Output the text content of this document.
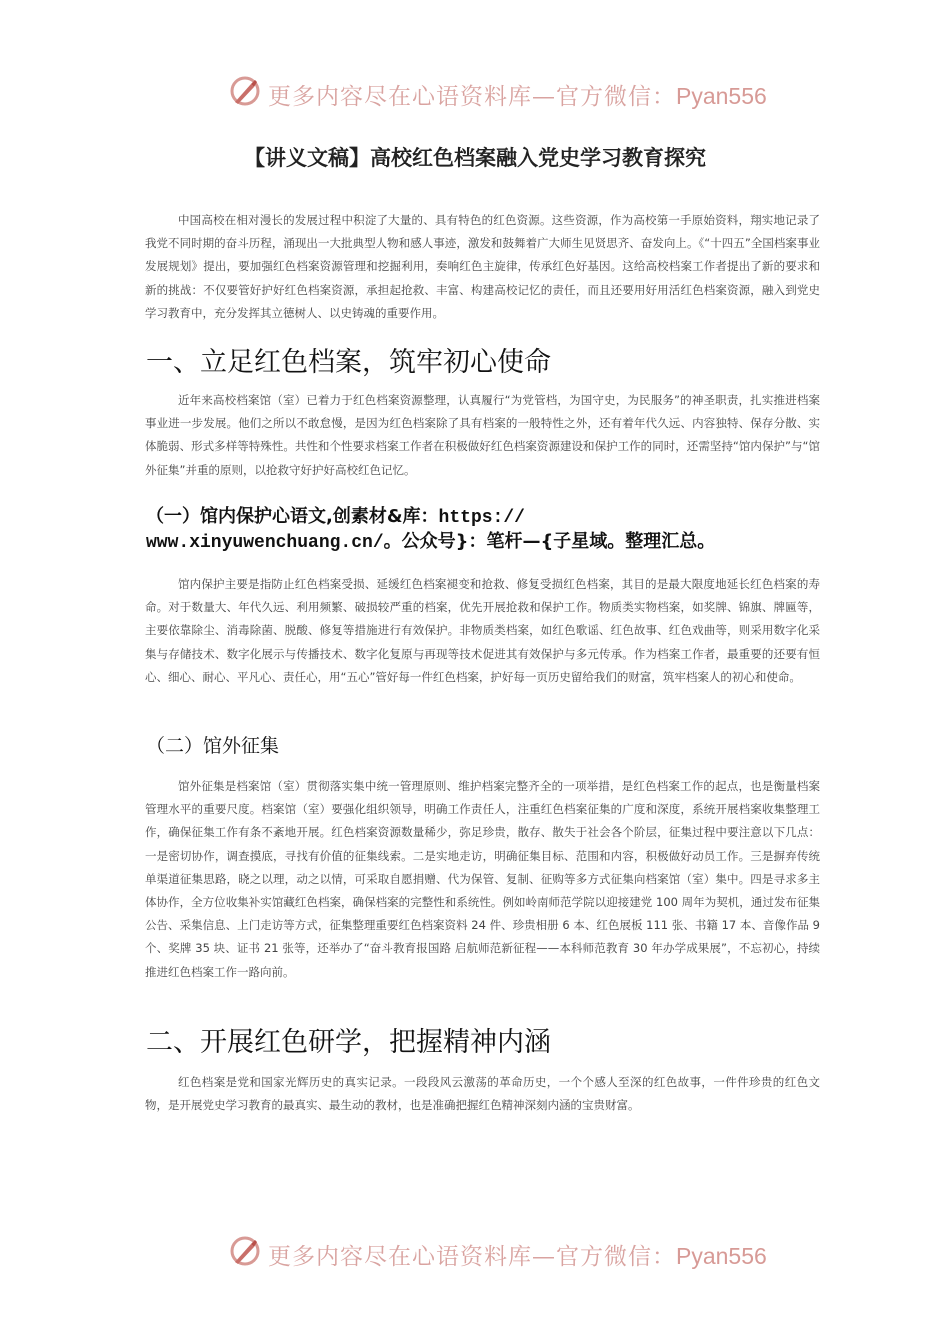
更多内容尽在心语资料库—官方微信：Pyan556
【讲义文稿】高校红色档案融入党史学习教育探究

中国高校在相对漫长的发展过程中积淀了大量的、具有特色的红色资源。这些资源，作为高校第一手原始资料，翔实地记录了我党不同时期的奋斗历程，涌现出一大批典型人物和感人事迹，激发和鼓舞着广大师生见贤思齐、奋发向上。《“十四五”全国档案事业发展规划》提出，要加强红色档案资源管理和挖掘利用，奏响红色主旋律，传承红色好基因。这给高校档案工作者提出了新的要求和新的挑战：不仅要管好护好红色档案资源，承担起抢救、丰富、构建高校记忆的责任，而且还要用好用活红色档案资源，融入到党史学习教育中，充分发挥其立德树人、以史铸魂的重要作用。

一、立足红色档案，筑牢初心使命

近年来高校档案馆（室）已着力于红色档案资源整理，认真履行“为党管档，为国守史，为民服务”的神圣职责，扎实推进档案事业进一步发展。他们之所以不敢怠慢，是因为红色档案除了具有档案的一般特性之外，还有着年代久远、内容独特、保存分散、实体脆弱、形式多样等特殊性。共性和个性要求档案工作者在积极做好红色档案资源建设和保护工作的同时，还需坚持“馆内保护”与“馆外征集”并重的原则，以抢救守好护好高校红色记忆。

（一）馆内保护心语文,创素材&库：https://
www.xinyuwenchuang.cn/。公众号}：笔杆—{子星域。整理汇总。

馆内保护主要是指防止红色档案受损、延缓红色档案褪变和抢救、修复受损红色档案，其目的是最大限度地延长红色档案的寿命。对于数量大、年代久远、利用频繁、破损较严重的档案，优先开展抢救和保护工作。物质类实物档案，如奖牌、锦旗、牌匾等，主要依靠除尘、消毒除菌、脱酸、修复等措施进行有效保护。非物质类档案，如红色歌谣、红色故事、红色戏曲等，则采用数字化采集与存储技术、数字化展示与传播技术、数字化复原与再现等技术促进其有效保护与多元传承。作为档案工作者，最重要的还要有恒心、细心、耐心、平凡心、责任心，用“五心”管好每一件红色档案，护好每一页历史留给我们的财富，筑牢档案人的初心和使命。

（二）馆外征集

馆外征集是档案馆（室）贯彻落实集中统一管理原则、维护档案完整齐全的一项举措，是红色档案工作的起点，也是衡量档案管理水平的重要尺度。档案馆（室）要强化组织领导，明确工作责任人，注重红色档案征集的广度和深度，系统开展档案收集整理工作，确保征集工作有条不紊地开展。红色档案资源数量稀少，弥足珍贵，散存、散失于社会各个阶层，征集过程中要注意以下几点：一是密切协作，调查摸底，寻找有价值的征集线索。二是实地走访，明确征集目标、范围和内容，积极做好动员工作。三是摒弃传统单渠道征集思路，晓之以理，动之以情，可采取自愿捐赠、代为保管、复制、征购等多方式征集向档案馆（室）集中。四是寻求多主体协作，全方位收集补实馆藏红色档案，确保档案的完整性和系统性。例如岭南师范学院以迎接建党 100 周年为契机，通过发布征集公告、采集信息、上门走访等方式，征集整理重要红色档案资料 24 件、珍贵相册 6 本、红色展板 111 张、书籍 17 本、音像作品 9 个、奖牌 35 块、证书 21 张等，还举办了“奋斗教育报国路 启航师范新征程——本科师范教育 30 年办学成果展”，不忘初心，持续推进红色档案工作一路向前。

二、开展红色研学，把握精神内涵

红色档案是党和国家光辉历史的真实记录。一段段风云激荡的革命历史，一个个感人至深的红色故事，一件件珍贵的红色文物，是开展党史学习教育的最真实、最生动的教材，也是准确把握红色精神深刻内涵的宝贵财富。

更多内容尽在心语资料库—官方微信：Pyan556
